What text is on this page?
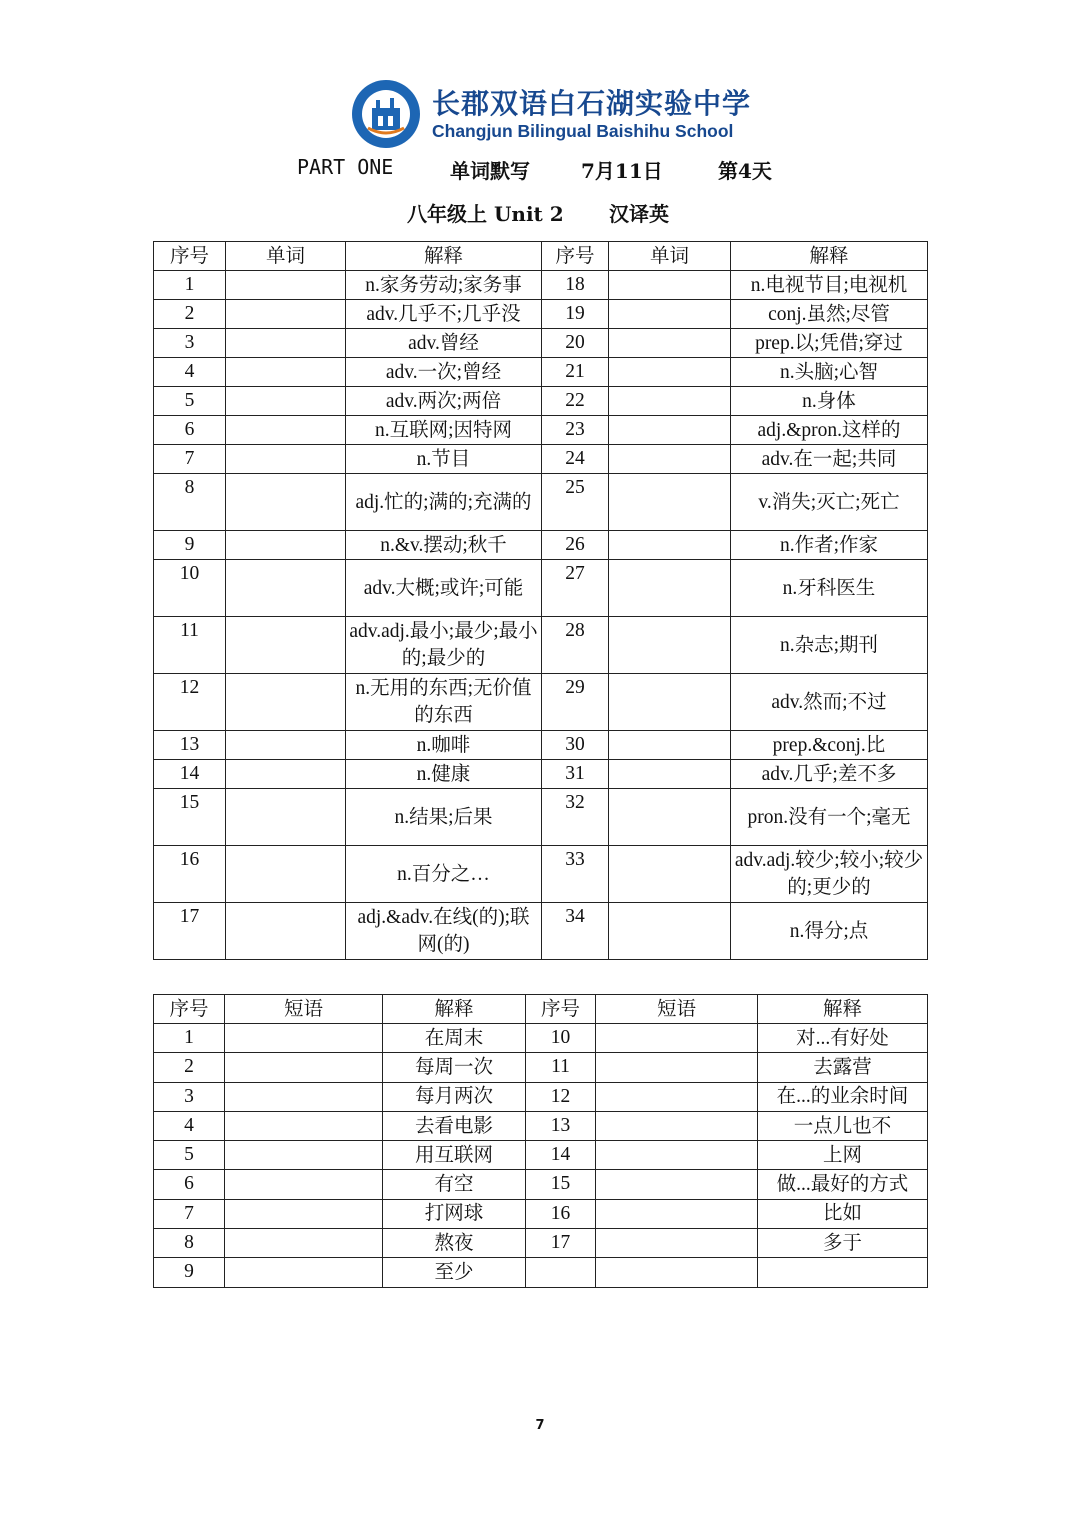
长郡双语白石湖实验中学
Changjun Bilingual Baishihu School
PART ONE	单词默写	7月11日	第4天
八年级上 Unit 2 汉译英
序号	单词	解释	序号	单词	解释
1		n.家务劳动;家务事	18		n.电视节目;电视机
2		adv.几乎不;几乎没	19		conj.虽然;尽管
3		adv.曾经	20		prep.以;凭借;穿过
4		adv.一次;曾经	21		n.头脑;心智
5		adv.两次;两倍	22		n.身体
6		n.互联网;因特网	23		adj.&pron.这样的
7		n.节目	24		adv.在一起;共同
8		adj.忙的;满的;充满的	25		v.消失;灭亡;死亡
9		n.&v.摆动;秋千	26		n.作者;作家
10		adv.大概;或许;可能	27		n.牙科医生
11		adv.adj.最小;最少;最小的;最少的	28		n.杂志;期刊
12		n.无用的东西;无价值的东西	29		adv.然而;不过
13		n.咖啡	30		prep.&conj.比
14		n.健康	31		adv.几乎;差不多
15		n.结果;后果	32		pron.没有一个;毫无
16		n.百分之…	33		adv.adj.较少;较小;较少的;更少的
17		adj.&adv.在线(的);联网(的)	34		n.得分;点
序号	短语	解释	序号	短语	解释
1		在周末	10		对...有好处
2		每周一次	11		去露营
3		每月两次	12		在...的业余时间
4		去看电影	13		一点儿也不
5		用互联网	14		上网
6		有空	15		做...最好的方式
7		打网球	16		比如
8		熬夜	17		多于
9		至少			
7
